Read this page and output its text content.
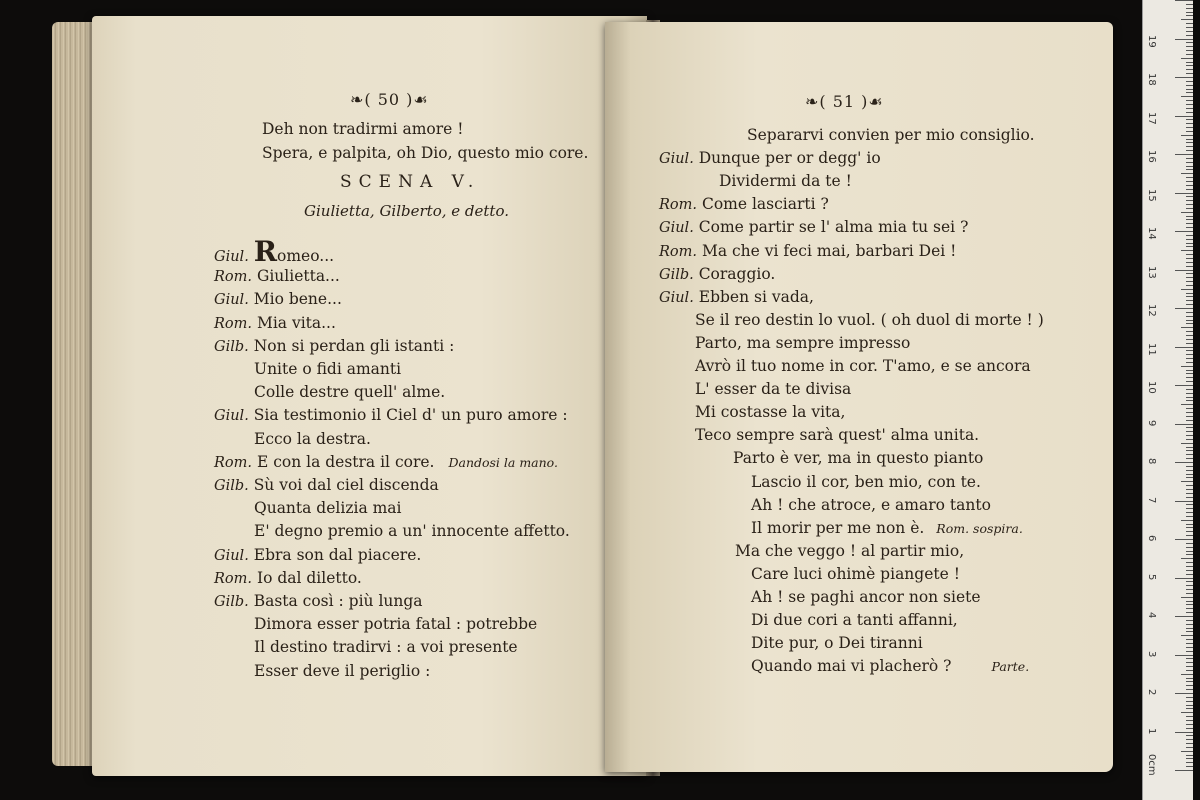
❧( 50 )☙
Deh non tradirmi amore !
Spera, e palpita, oh Dio, questo mio core.
SCENA V.
Giulietta, Gilberto, e detto.
Giul. Romeo...
Rom. Giulietta...
Giul. Mio bene...
Rom. Mia vita...
Gilb. Non si perdan gli istanti :
Unite o fidi amanti
Colle destre quell' alme.
Giul. Sia testimonio il Ciel d' un puro amore :
Ecco la destra.
Rom. E con la destra il core. Dandosi la mano.
Gilb. Sù voi dal ciel discenda
Quanta delizia mai
E' degno premio a un' innocente affetto.
Giul. Ebra son dal piacere.
Rom. Io dal diletto.
Gilb. Basta così : più lunga
Dimora esser potria fatal : potrebbe
Il destino tradirvi : a voi presente
Esser deve il periglio :
❧( 51 )☙
Separarvi convien per mio consiglio.
Giul. Dunque per or degg' io
Dividermi da te !
Rom. Come lasciarti ?
Giul. Come partir se l' alma mia tu sei ?
Rom. Ma che vi feci mai, barbari Dei !
Gilb. Coraggio.
Giul. Ebben si vada,
Se il reo destin lo vuol. ( oh duol di morte ! )
Parto, ma sempre impresso
Avrò il tuo nome in cor. T'amo, e se ancora
L' esser da te divisa
Mi costasse la vita,
Teco sempre sarà quest' alma unita.
Parto è ver, ma in questo pianto
Lascio il cor, ben mio, con te.
Ah ! che atroce, e amaro tanto
Il morir per me non è. Rom. sospira.
Ma che veggo ! al partir mio,
Care luci ohimè piangete !
Ah ! se paghi ancor non siete
Di due cori a tanti affanni,
Dite pur, o Dei tiranni
Quando mai vi placherò ?	Parte.
0cm
1
2
3
4
5
6
7
8
9
10
11
12
13
14
15
16
17
18
19
